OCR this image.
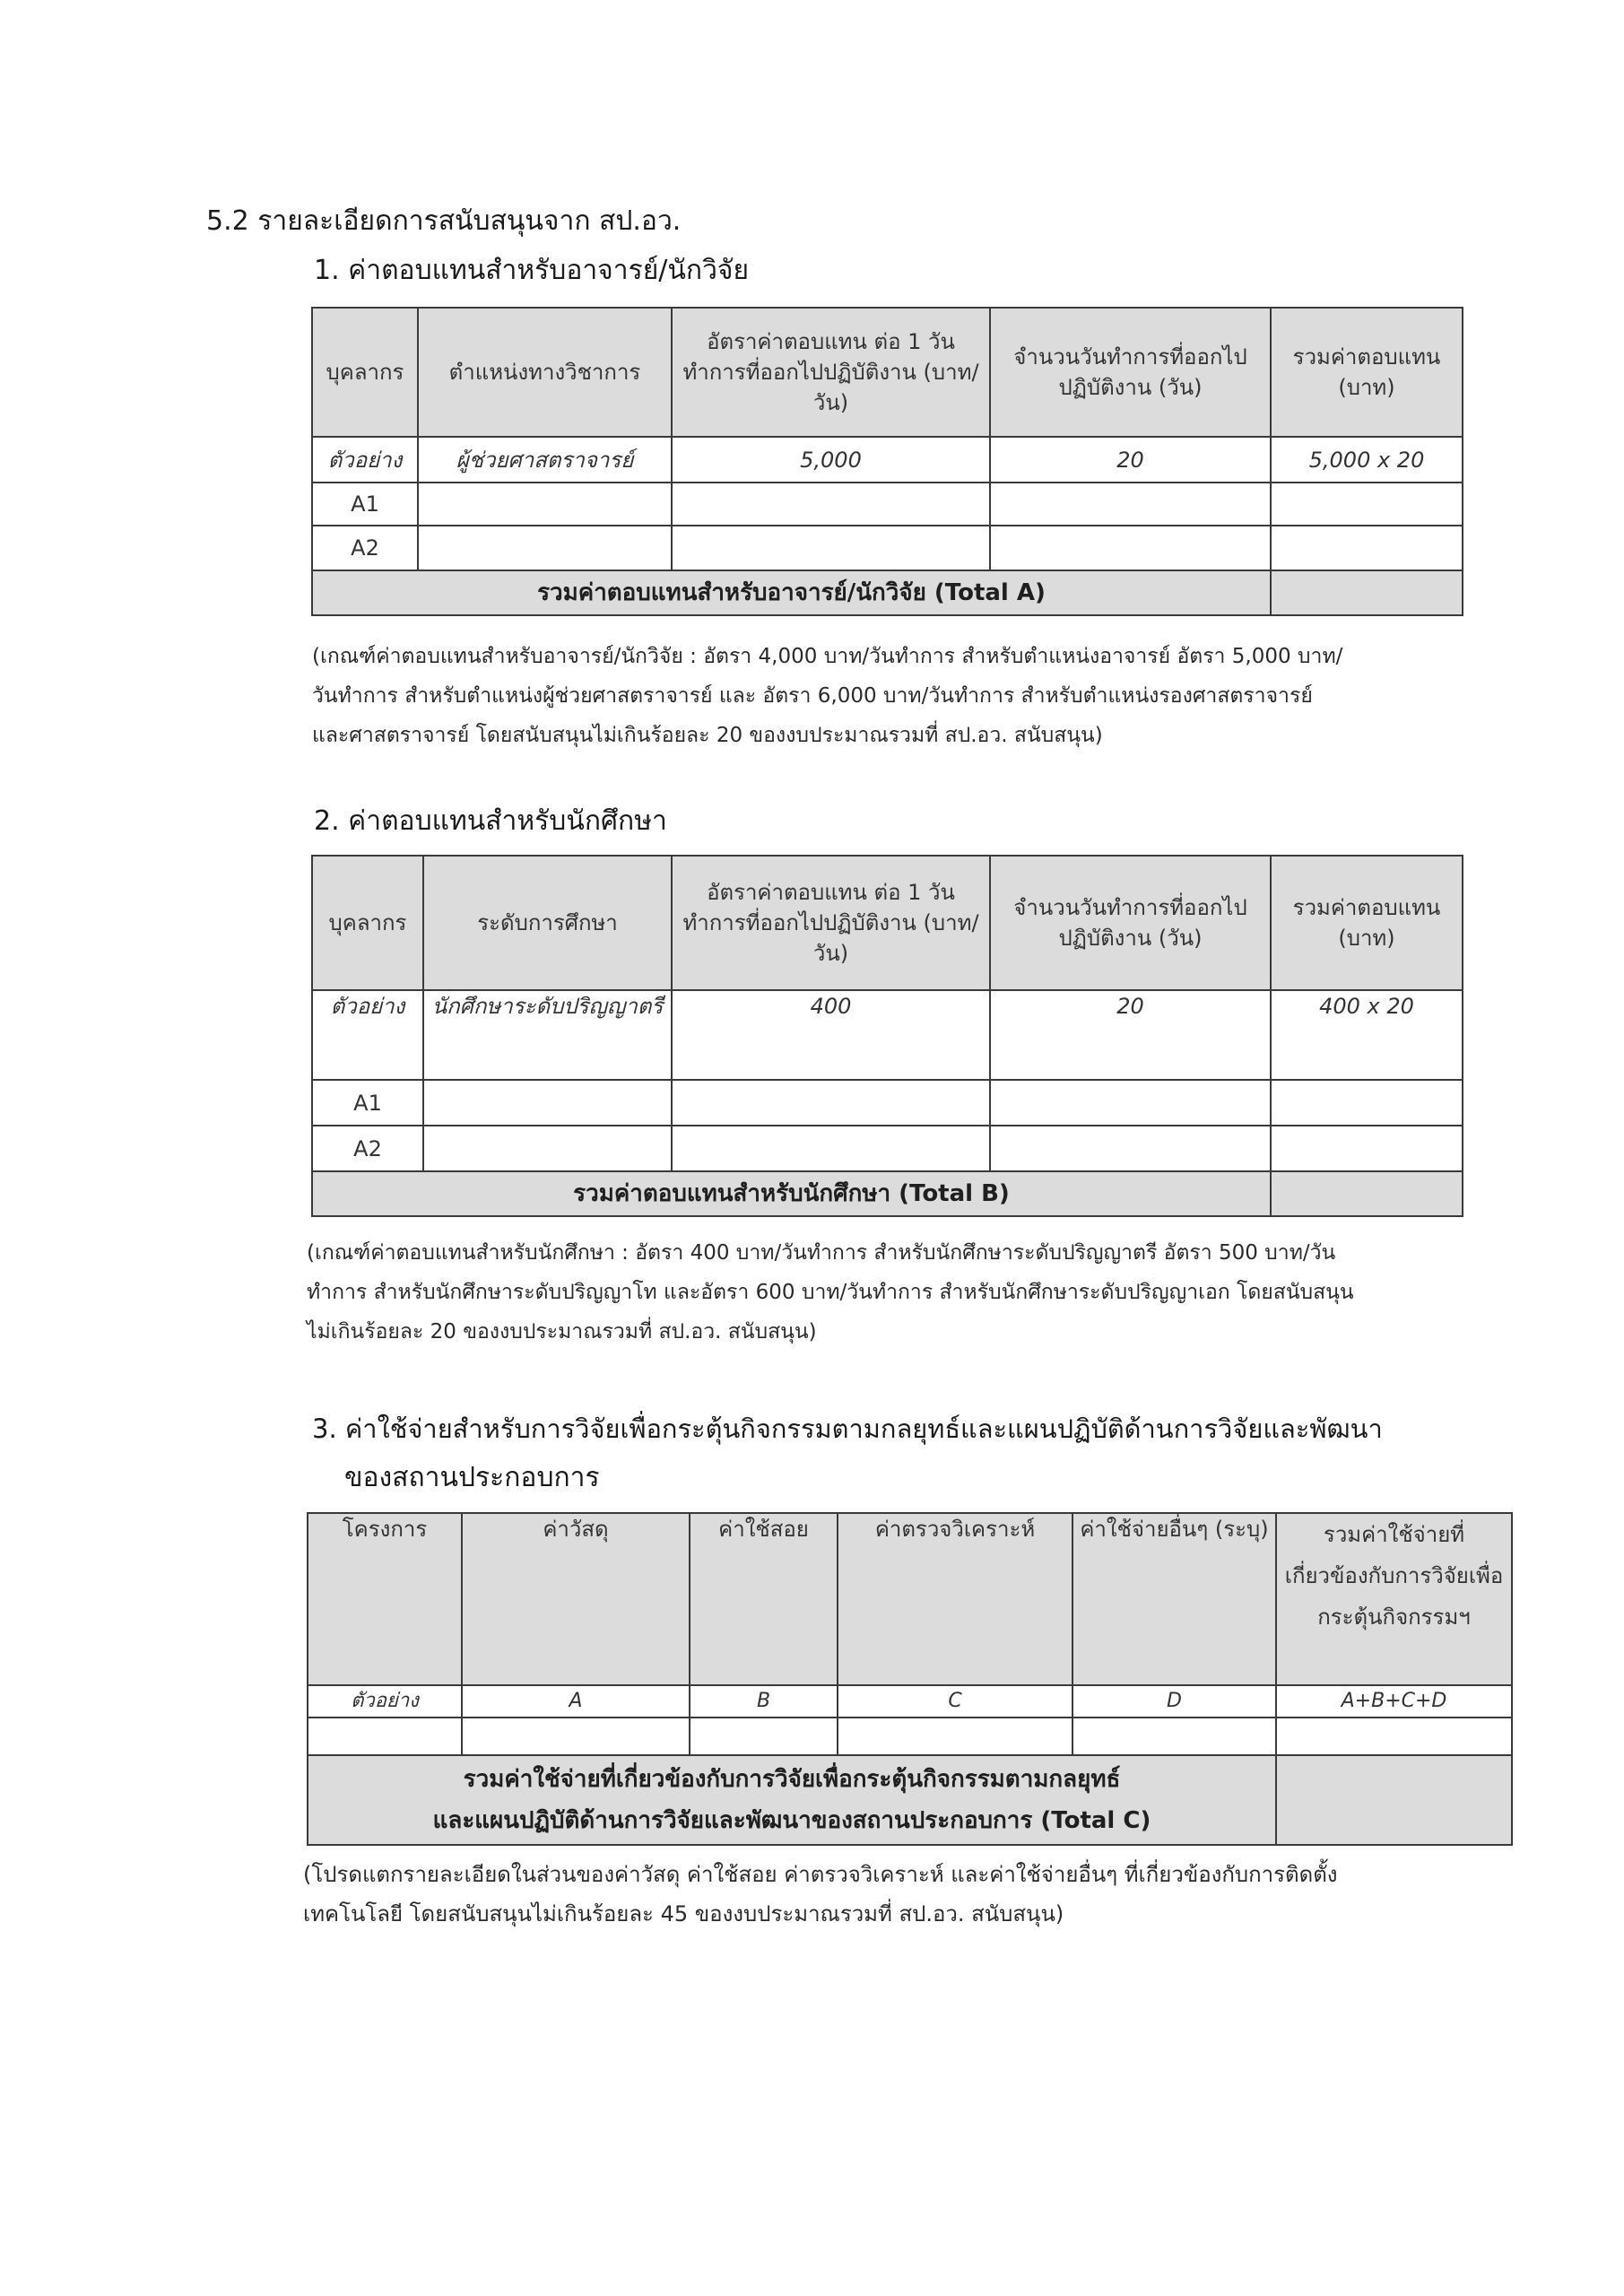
5.2 รายละเอียดการสนับสนุนจาก สป.อว.
1. ค่าตอบแทนสำหรับอาจารย์/นักวิจัย
บุคลากร	ตำแหน่งทางวิชาการ	อัตราค่าตอบแทน ต่อ 1 วันทำการที่ออกไปปฏิบัติงาน (บาท/วัน)	จำนวนวันทำการที่ออกไปปฏิบัติงาน (วัน)	รวมค่าตอบแทน (บาท)
ตัวอย่าง	ผู้ช่วยศาสตราจารย์	5,000	20	5,000 x 20
A1				
A2				
รวมค่าตอบแทนสำหรับอาจารย์/นักวิจัย (Total A)				
(เกณฑ์ค่าตอบแทนสำหรับอาจารย์/นักวิจัย : อัตรา 4,000 บาท/วันทำการ สำหรับตำแหน่งอาจารย์ อัตรา 5,000 บาท/
วันทำการ สำหรับตำแหน่งผู้ช่วยศาสตราจารย์ และ อัตรา 6,000 บาท/วันทำการ สำหรับตำแหน่งรองศาสตราจารย์
และศาสตราจารย์ โดยสนับสนุนไม่เกินร้อยละ 20 ของงบประมาณรวมที่ สป.อว. สนับสนุน)
2. ค่าตอบแทนสำหรับนักศึกษา
บุคลากร	ระดับการศึกษา	อัตราค่าตอบแทน ต่อ 1 วันทำการที่ออกไปปฏิบัติงาน (บาท/วัน)	จำนวนวันทำการที่ออกไปปฏิบัติงาน (วัน)	รวมค่าตอบแทน (บาท)
ตัวอย่าง	นักศึกษาระดับปริญญาตรี	400	20	400 x 20
A1				
A2				
รวมค่าตอบแทนสำหรับนักศึกษา (Total B)				
(เกณฑ์ค่าตอบแทนสำหรับนักศึกษา : อัตรา 400 บาท/วันทำการ สำหรับนักศึกษาระดับปริญญาตรี อัตรา 500 บาท/วัน
ทำการ สำหรับนักศึกษาระดับปริญญาโท และอัตรา 600 บาท/วันทำการ สำหรับนักศึกษาระดับปริญญาเอก โดยสนับสนุน
ไม่เกินร้อยละ 20 ของงบประมาณรวมที่ สป.อว. สนับสนุน)
3. ค่าใช้จ่ายสำหรับการวิจัยเพื่อกระตุ้นกิจกรรมตามกลยุทธ์และแผนปฏิบัติด้านการวิจัยและพัฒนา
ของสถานประกอบการ
โครงการ	ค่าวัสดุ	ค่าใช้สอย	ค่าตรวจวิเคราะห์	ค่าใช้จ่ายอื่นๆ (ระบุ)	รวมค่าใช้จ่ายที่เกี่ยวข้องกับการวิจัยเพื่อกระตุ้นกิจกรรมฯ
ตัวอย่าง	A	B	C	D	A+B+C+D

รวมค่าใช้จ่ายที่เกี่ยวข้องกับการวิจัยเพื่อกระตุ้นกิจกรรมตามกลยุทธ์
และแผนปฏิบัติด้านการวิจัยและพัฒนาของสถานประกอบการ (Total C)					

(โปรดแตกรายละเอียดในส่วนของค่าวัสดุ ค่าใช้สอย ค่าตรวจวิเคราะห์ และค่าใช้จ่ายอื่นๆ ที่เกี่ยวข้องกับการติดตั้ง
เทคโนโลยี โดยสนับสนุนไม่เกินร้อยละ 45 ของงบประมาณรวมที่ สป.อว. สนับสนุน)
